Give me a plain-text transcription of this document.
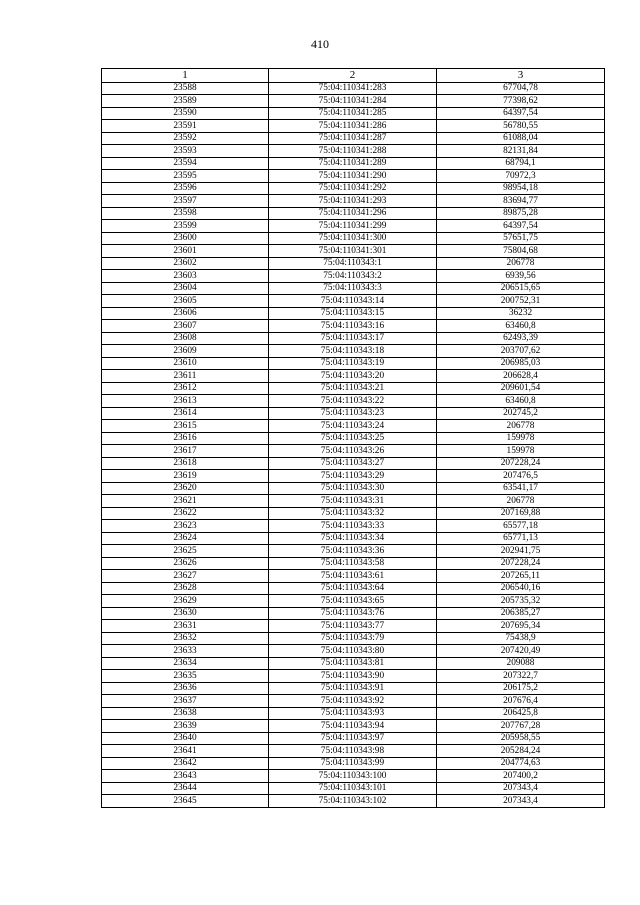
410
1	2	3
23588	75:04:110341:283	67704,78
23589	75:04:110341:284	77398,62
23590	75:04:110341:285	64397,54
23591	75:04:110341:286	56780,55
23592	75:04:110341:287	61088,04
23593	75:04:110341:288	82131,84
23594	75:04:110341:289	68794,1
23595	75:04:110341:290	70972,3
23596	75:04:110341:292	98954,18
23597	75:04:110341:293	83694,77
23598	75:04:110341:296	89875,28
23599	75:04:110341:299	64397,54
23600	75:04:110341:300	57651,75
23601	75:04:110341:301	75804,68
23602	75:04:110343:1	206778
23603	75:04:110343:2	6939,56
23604	75:04:110343:3	206515,65
23605	75:04:110343:14	200752,31
23606	75:04:110343:15	36232
23607	75:04:110343:16	63460,8
23608	75:04:110343:17	62493,39
23609	75:04:110343:18	203707,62
23610	75:04:110343:19	206985,03
23611	75:04:110343:20	206628,4
23612	75:04:110343:21	209601,54
23613	75:04:110343:22	63460,8
23614	75:04:110343:23	202745,2
23615	75:04:110343:24	206778
23616	75:04:110343:25	159978
23617	75:04:110343:26	159978
23618	75:04:110343:27	207228,24
23619	75:04:110343:29	207476,5
23620	75:04:110343:30	63541,17
23621	75:04:110343:31	206778
23622	75:04:110343:32	207169,88
23623	75:04:110343:33	65577,18
23624	75:04:110343:34	65771,13
23625	75:04:110343:36	202941,75
23626	75:04:110343:58	207228,24
23627	75:04:110343:61	207265,11
23628	75:04:110343:64	206540,16
23629	75:04:110343:65	205735,32
23630	75:04:110343:76	206385,27
23631	75:04:110343:77	207695,34
23632	75:04:110343:79	75438,9
23633	75:04:110343:80	207420,49
23634	75:04:110343:81	209088
23635	75:04:110343:90	207322,7
23636	75:04:110343:91	206175,2
23637	75:04:110343:92	207676,4
23638	75:04:110343:93	206425,8
23639	75:04:110343:94	207767,28
23640	75:04:110343:97	205958,55
23641	75:04:110343:98	205284,24
23642	75:04:110343:99	204774,63
23643	75:04:110343:100	207400,2
23644	75:04:110343:101	207343,4
23645	75:04:110343:102	207343,4
